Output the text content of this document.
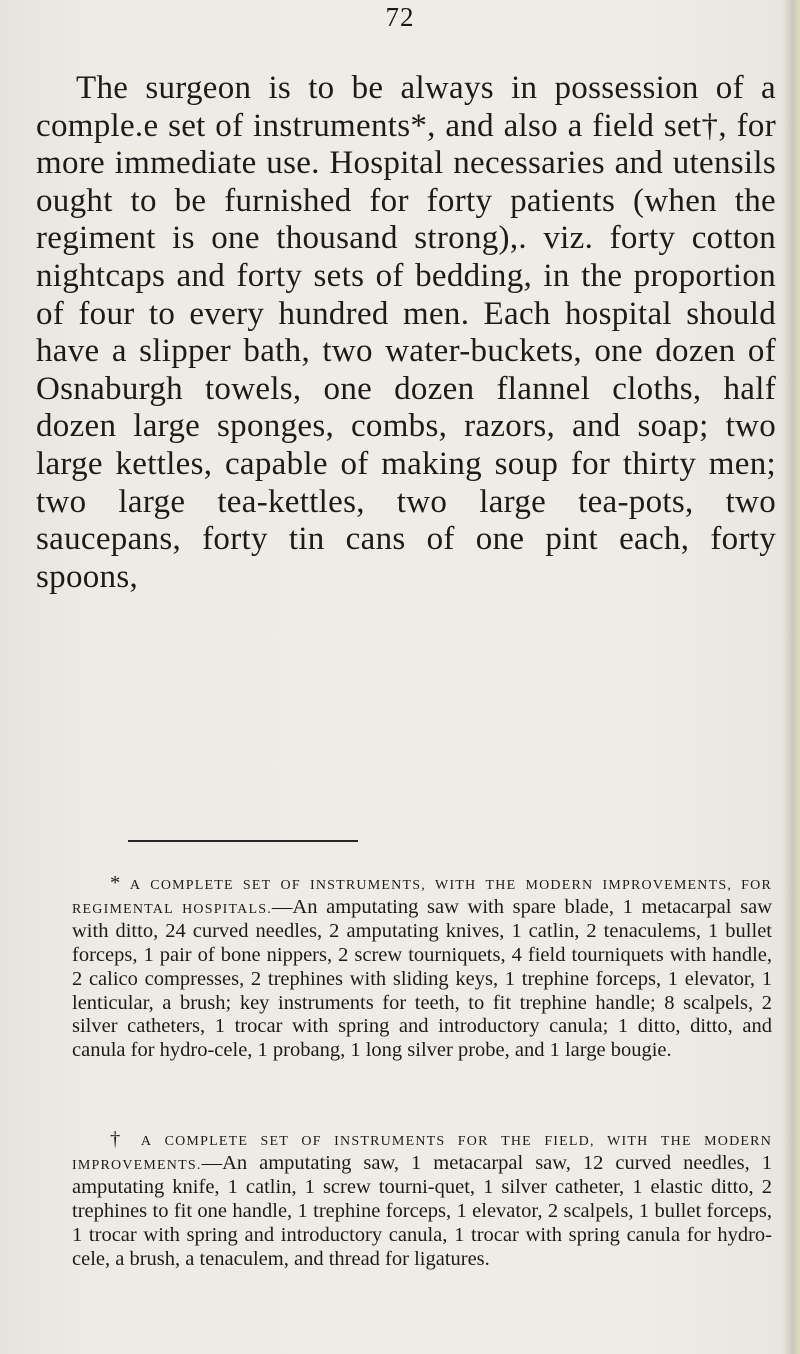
72

The surgeon is to be always in possession of a comple.e set of instruments*, and also a field set†, for more immediate use. Hospital necessaries and utensils ought to be furnished for forty patients (when the regiment is one thousand strong),. viz. forty cotton nightcaps and forty sets of bedding, in the proportion of four to every hundred men. Each hospital should have a slipper bath, two water-buckets, one dozen of Osnaburgh towels, one dozen flannel cloths, half dozen large sponges, combs, razors, and soap; two large kettles, capable of making soup for thirty men; two large tea-kettles, two large tea-pots, two saucepans, forty tin cans of one pint each, forty spoons,

* a complete set of instruments, with the modern improvements, for regimental hospitals.—An amputating saw with spare blade, 1 metacarpal saw with ditto, 24 curved needles, 2 amputating knives, 1 catlin, 2 tenaculems, 1 bullet forceps, 1 pair of bone nippers, 2 screw tourniquets, 4 field tourniquets with handle, 2 calico compresses, 2 trephines with sliding keys, 1 trephine forceps, 1 elevator, 1 lenticular, a brush; key instruments for teeth, to fit trephine handle; 8 scalpels, 2 silver catheters, 1 trocar with spring and introductory canula; 1 ditto, ditto, and canula for hydro-cele, 1 probang, 1 long silver probe, and 1 large bougie.

† a complete set of instruments for the field, with the modern improvements.—An amputating saw, 1 metacarpal saw, 12 curved needles, 1 amputating knife, 1 catlin, 1 screw tourni-quet, 1 silver catheter, 1 elastic ditto, 2 trephines to fit one handle, 1 trephine forceps, 1 elevator, 2 scalpels, 1 bullet forceps, 1 trocar with spring and introductory canula, 1 trocar with spring canula for hydro-cele, a brush, a tenaculem, and thread for ligatures.
